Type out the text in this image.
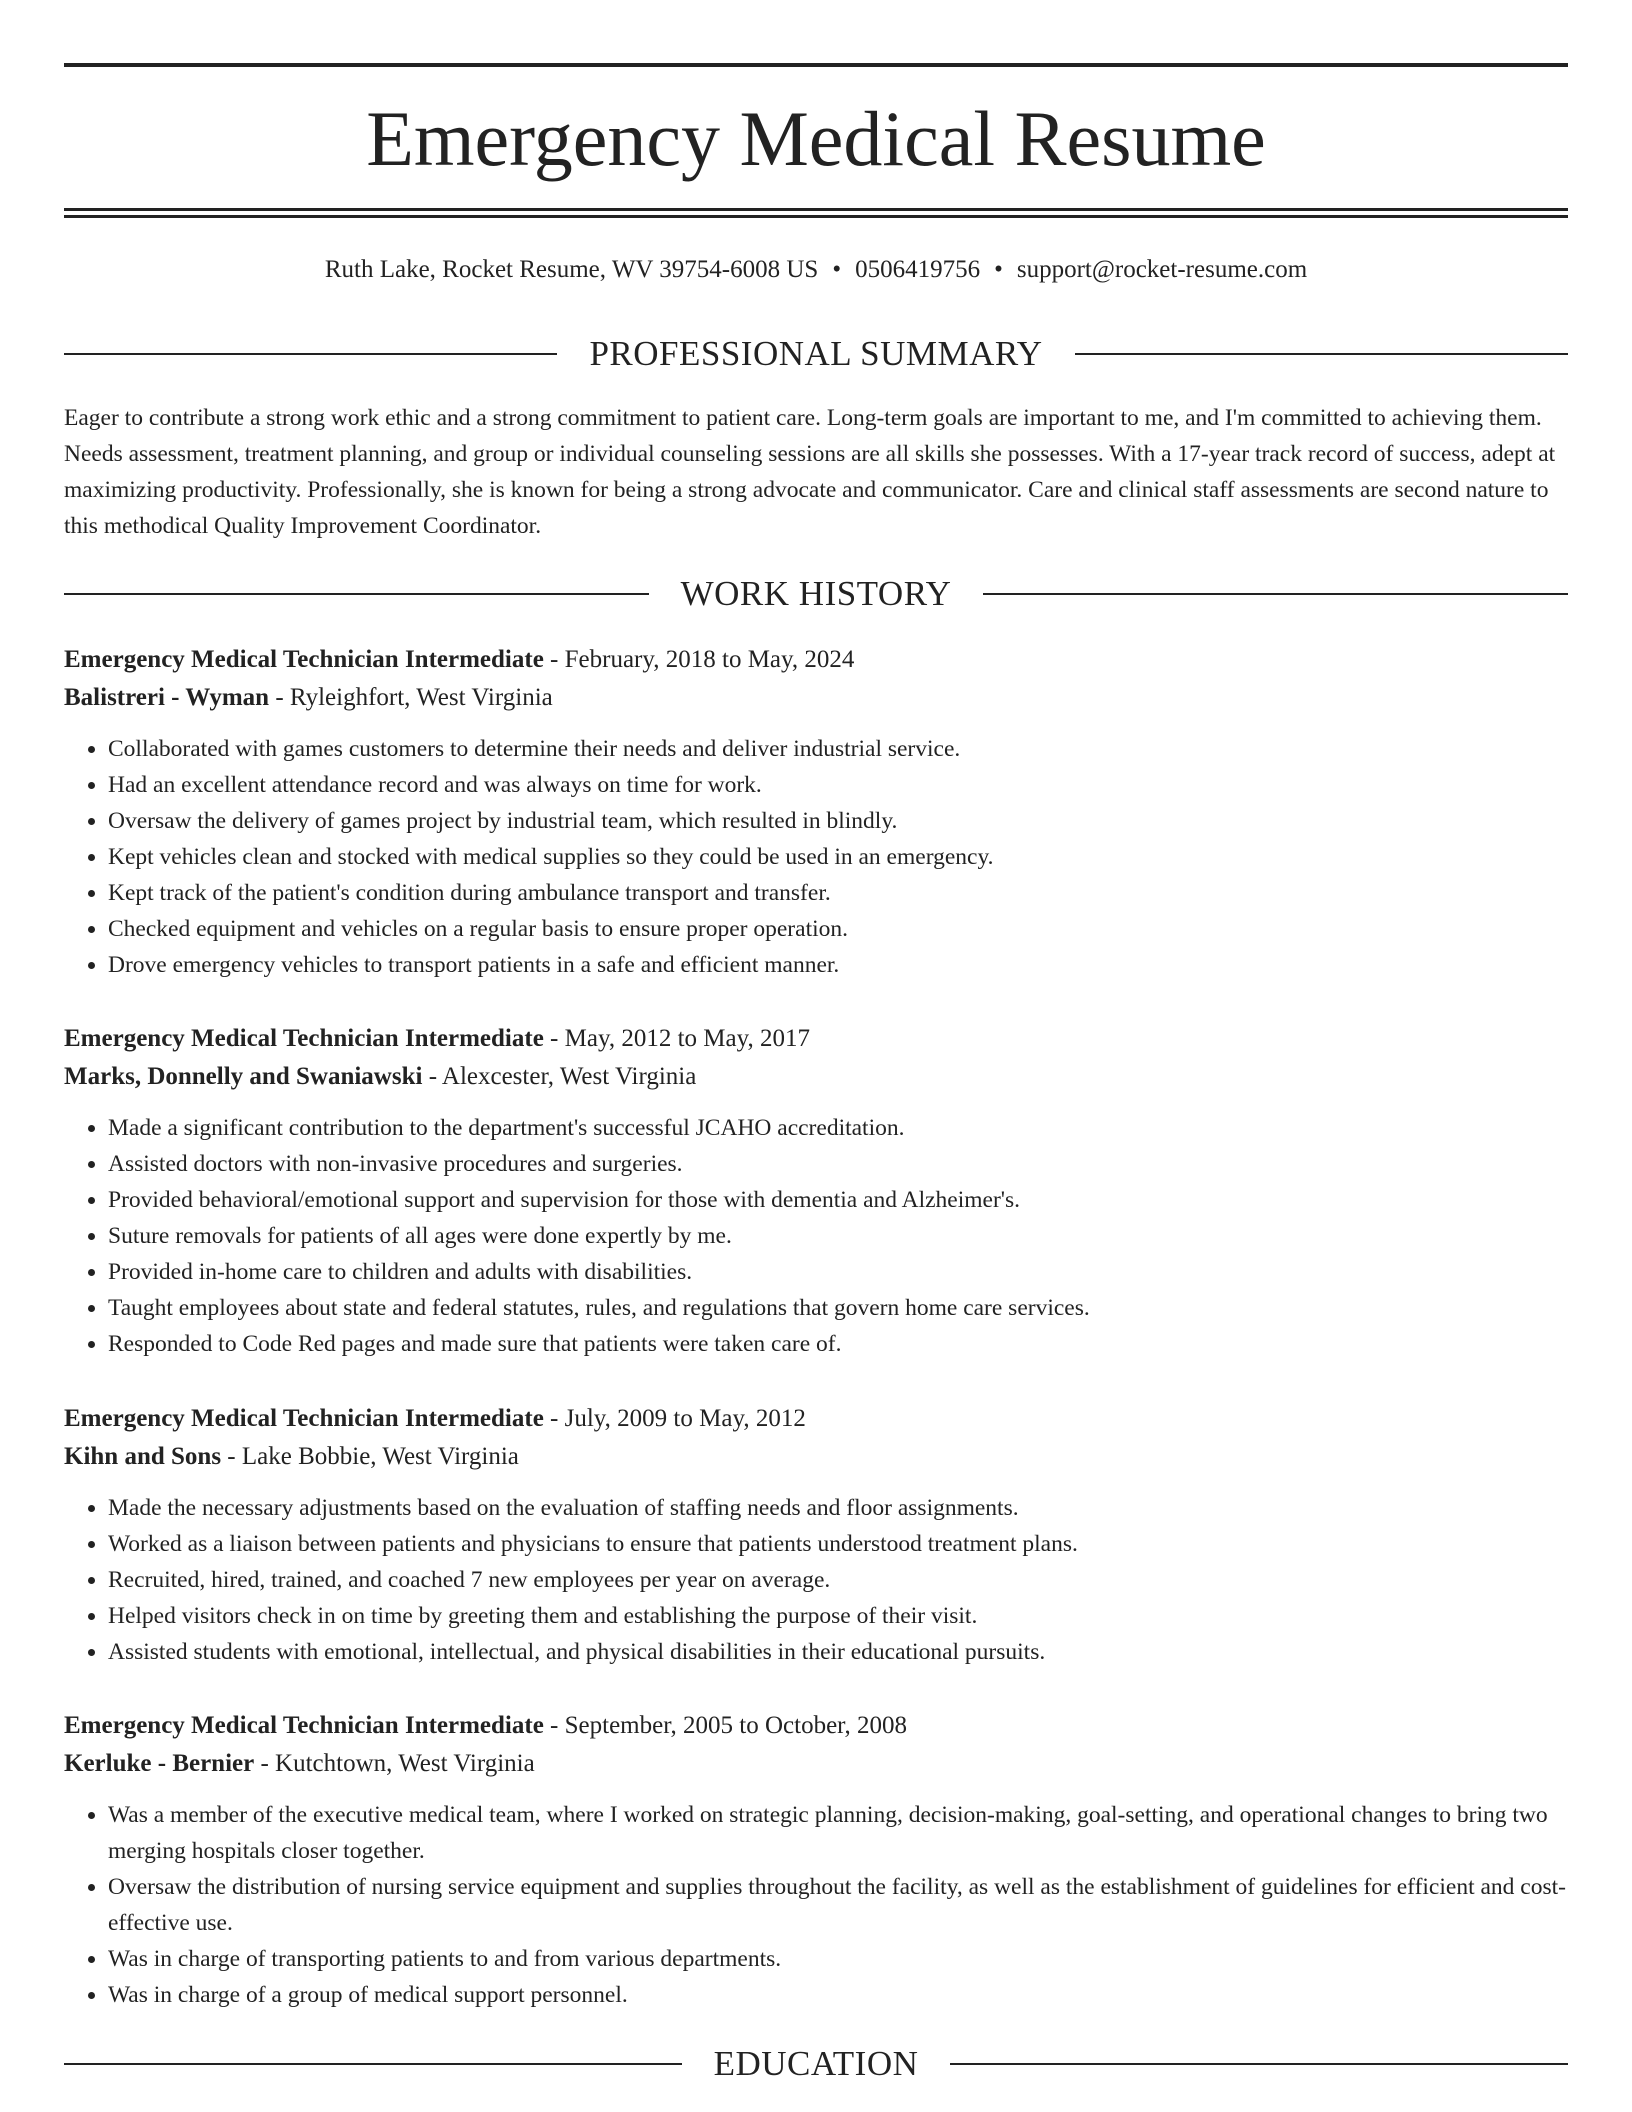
Emergency Medical Resume
Ruth Lake, Rocket Resume, WV 39754-6008 US • 0506419756 • support@rocket-resume.com
PROFESSIONAL SUMMARY

Eager to contribute a strong work ethic and a strong commitment to patient care. Long-term goals are important to me, and I'm committed to achieving them. Needs assessment, treatment planning, and group or individual counseling sessions are all skills she possesses. With a 17-year track record of success, adept at maximizing productivity. Professionally, she is known for being a strong advocate and communicator. Care and clinical staff assessments are second nature to this methodical Quality Improvement Coordinator.

WORK HISTORY
Emergency Medical Technician Intermediate - February, 2018 to May, 2024
Balistreri - Wyman - Ryleighfort, West Virginia
• Collaborated with games customers to determine their needs and deliver industrial service.
• Had an excellent attendance record and was always on time for work.
• Oversaw the delivery of games project by industrial team, which resulted in blindly.
• Kept vehicles clean and stocked with medical supplies so they could be used in an emergency.
• Kept track of the patient's condition during ambulance transport and transfer.
• Checked equipment and vehicles on a regular basis to ensure proper operation.
• Drove emergency vehicles to transport patients in a safe and efficient manner.
Emergency Medical Technician Intermediate - May, 2012 to May, 2017
Marks, Donnelly and Swaniawski - Alexcester, West Virginia
• Made a significant contribution to the department's successful JCAHO accreditation.
• Assisted doctors with non-invasive procedures and surgeries.
• Provided behavioral/emotional support and supervision for those with dementia and Alzheimer's.
• Suture removals for patients of all ages were done expertly by me.
• Provided in-home care to children and adults with disabilities.
• Taught employees about state and federal statutes, rules, and regulations that govern home care services.
• Responded to Code Red pages and made sure that patients were taken care of.
Emergency Medical Technician Intermediate - July, 2009 to May, 2012
Kihn and Sons - Lake Bobbie, West Virginia
• Made the necessary adjustments based on the evaluation of staffing needs and floor assignments.
• Worked as a liaison between patients and physicians to ensure that patients understood treatment plans.
• Recruited, hired, trained, and coached 7 new employees per year on average.
• Helped visitors check in on time by greeting them and establishing the purpose of their visit.
• Assisted students with emotional, intellectual, and physical disabilities in their educational pursuits.
Emergency Medical Technician Intermediate - September, 2005 to October, 2008
Kerluke - Bernier - Kutchtown, West Virginia
• Was a member of the executive medical team, where I worked on strategic planning, decision-making, goal-setting, and operational changes to bring two merging hospitals closer together.
• Oversaw the distribution of nursing service equipment and supplies throughout the facility, as well as the establishment of guidelines for efficient and cost-effective use.
• Was in charge of transporting patients to and from various departments.
• Was in charge of a group of medical support personnel.
EDUCATION
